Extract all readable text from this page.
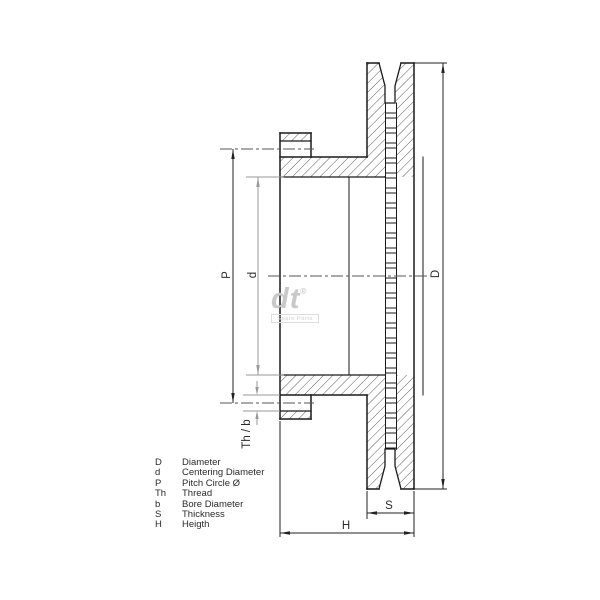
D
P d
Th / b
S
H
dt®
Spare Parts
D	Diameter
d	Centering Diameter
P	Pitch Circle Ø
Th	Thread
b	Bore Diameter
S	Thickness
H	Heigth
